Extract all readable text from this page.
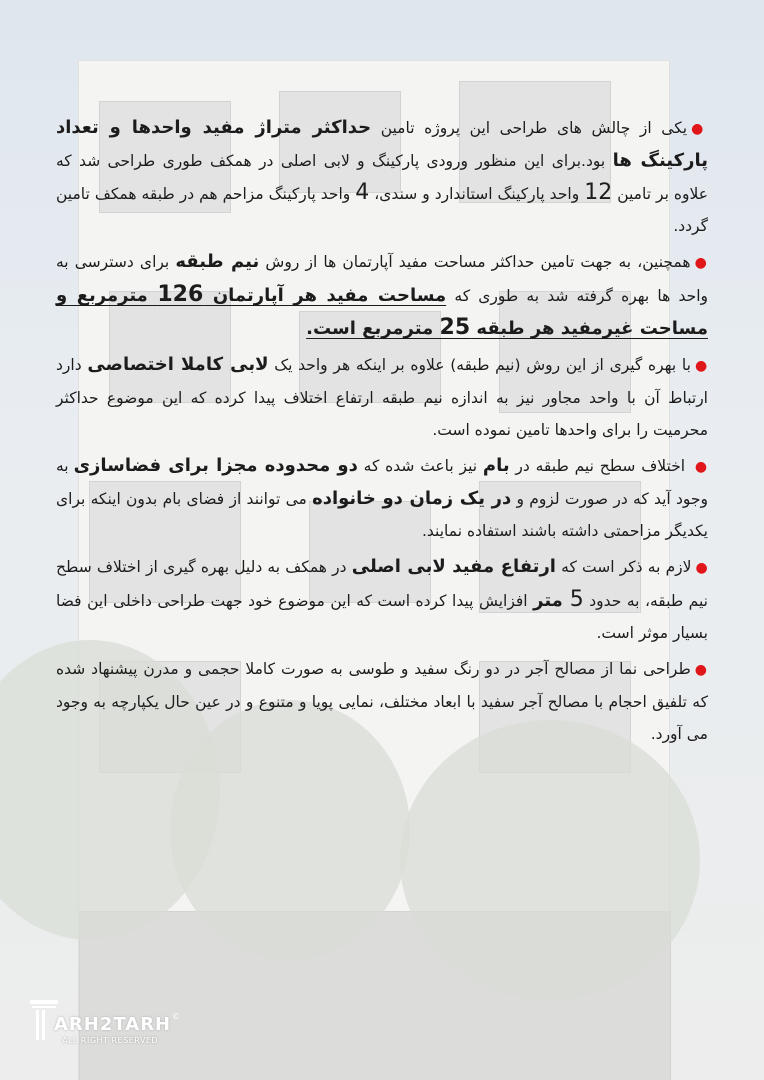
●یکی از چالش های طراحی این پروژه تامین حداکثر متراژ مفید واحدها و تعداد پارکینگ ها بود.برای این منظور ورودی پارکینگ و لابی اصلی در همکف طوری طراحی شد که علاوه بر تامین 12 واحد پارکینگ استاندارد و سندی، 4 واحد پارکینگ مزاحم هم در طبقه همکف تامین گردد.

●همچنین، به جهت تامین حداکثر مساحت مفید آپارتمان ها از روش نیم طبقه برای دسترسی به واحد ها بهره گرفته شد به طوری که مساحت مفید هر آپارتمان 126 مترمربع و مساحت غیرمفید هر طبقه 25 مترمربع است.

●با بهره گیری از این روش (نیم طبقه) علاوه بر اینکه هر واحد یک لابی کاملا اختصاصی دارد ارتباط آن با واحد مجاور نیز به اندازه نیم طبقه ارتفاع اختلاف پیدا کرده که این موضوع حداکثر محرمیت را برای واحدها تامین نموده است.

● اختلاف سطح نیم طبقه در بام نیز باعث شده که دو محدوده مجزا برای فضاسازی به وجود آید که در صورت لزوم و در یک زمان دو خانواده می توانند از فضای بام بدون اینکه برای یکدیگر مزاحمتی داشته باشند استفاده نمایند.

●لازم به ذکر است که ارتفاع مفید لابی اصلی در همکف به دلیل بهره گیری از اختلاف سطح نیم طبقه، به حدود 5 متر افزایش پیدا کرده است که این موضوع خود جهت طراحی داخلی این فضا بسیار موثر است.

●طراحی نما از مصالح آجر در دو رنگ سفید و طوسی به صورت کاملا حجمی و مدرن پیشنهاد شده که تلفیق احجام با مصالح آجر سفید با ابعاد مختلف، نمایی پویا و متنوع و در عین حال یکپارچه به وجود می آورد.

ARH2TARH ©
ALL RIGHT RESERVED
